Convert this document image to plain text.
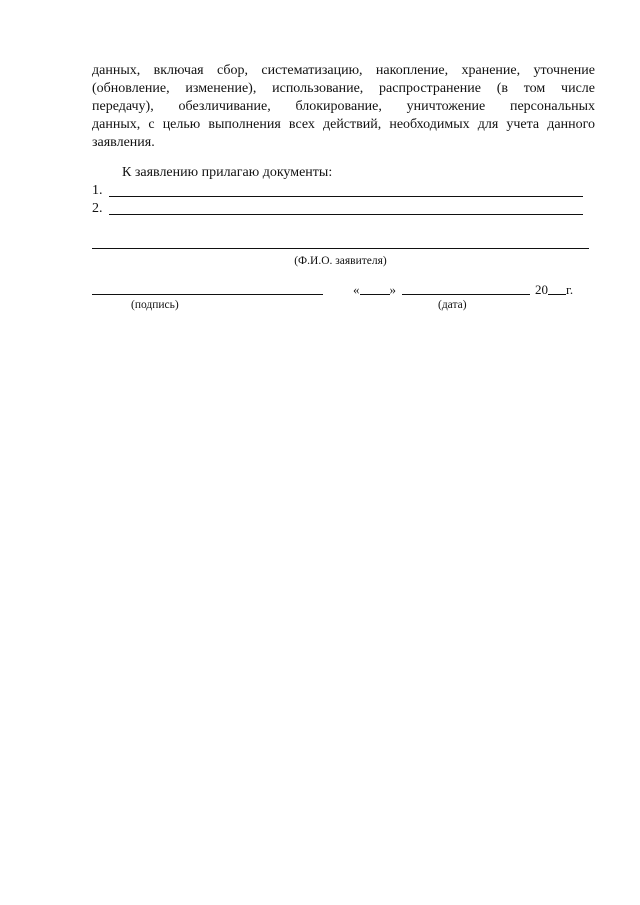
данных, включая сбор, систематизацию, накопление, хранение, уточнение
(обновление, изменение), использование, распространение (в том числе
передачу), обезличивание, блокирование, уничтожение персональных
данных, с целью выполнения всех действий, необходимых для учета данного
заявления.
К заявлению прилагаю документы:
1.
2.
(Ф.И.О. заявителя)
(подпись)
« »	20 г.
(дата)
